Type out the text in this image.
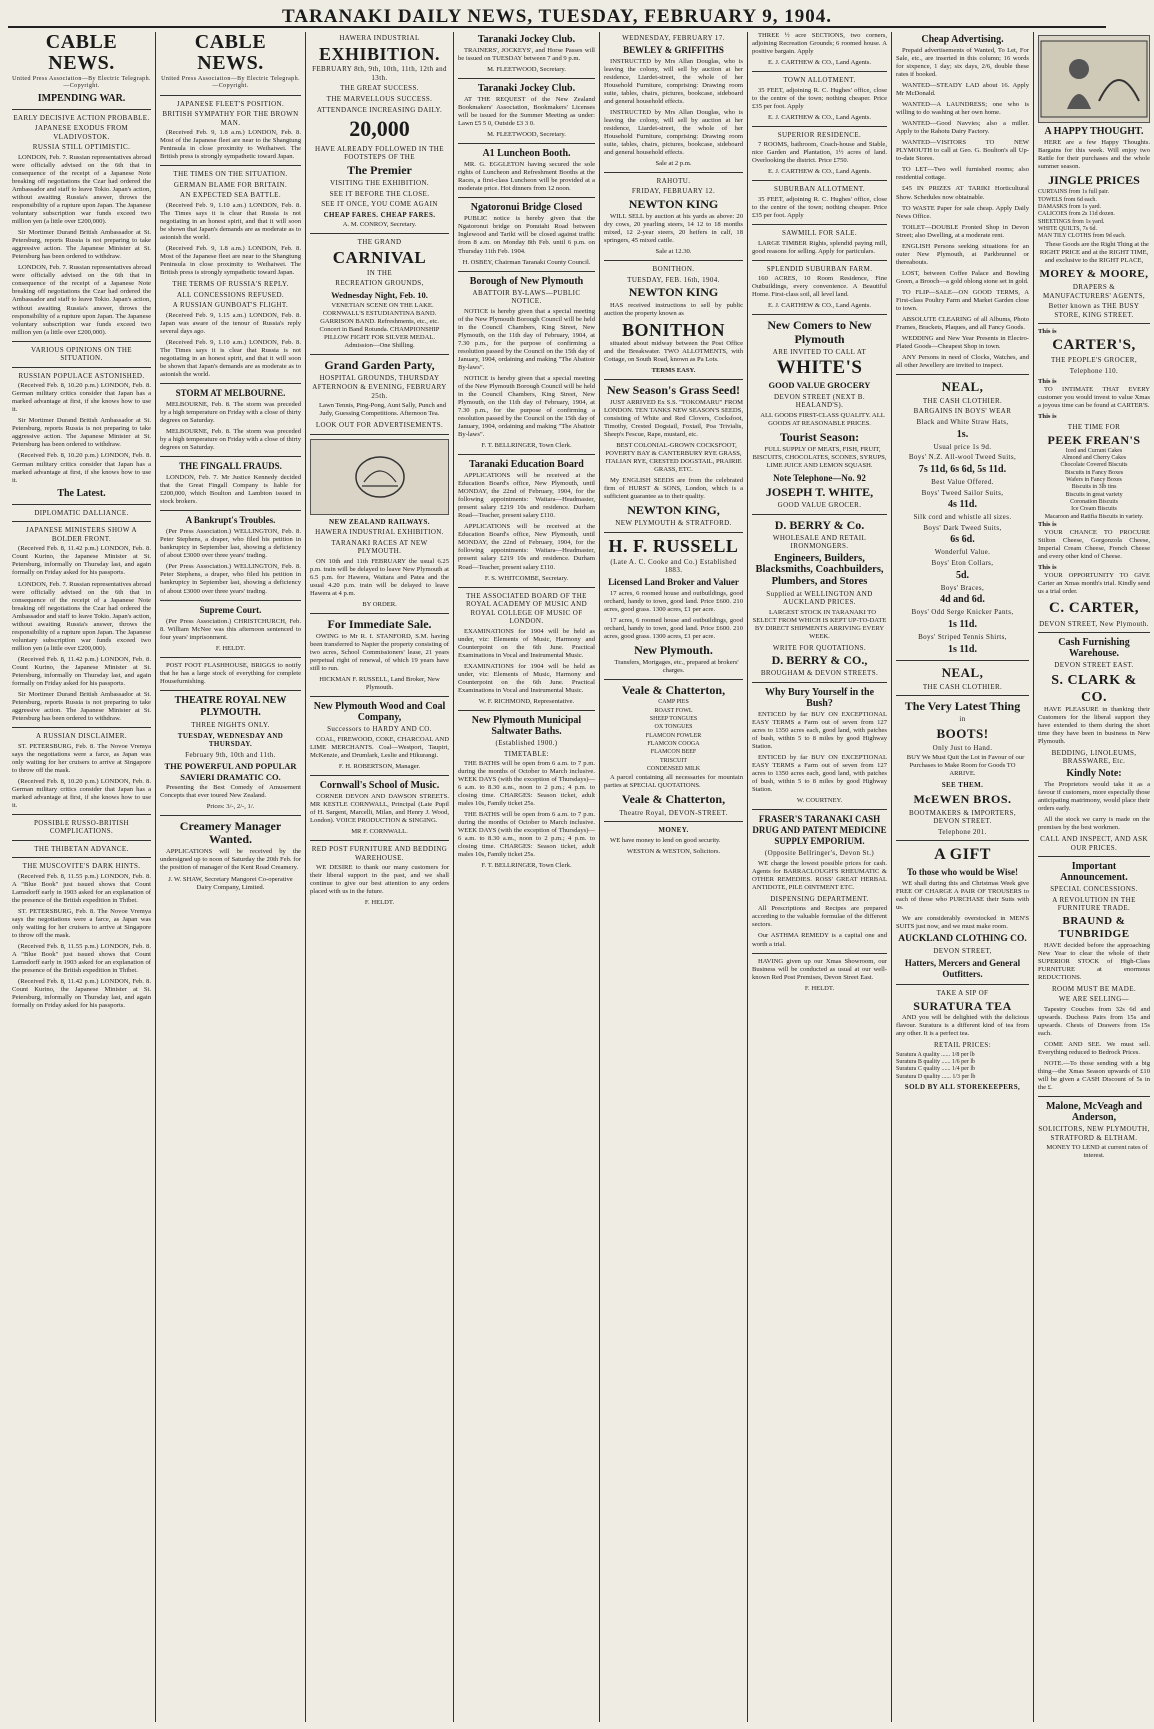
TARANAKI DAILY NEWS, TUESDAY, FEBRUARY 9, 1904.
CABLE NEWS.
United Press Association—By Electric Telegraph.—Copyright.
IMPENDING WAR.
EARLY DECISIVE ACTION PROBABLE.
JAPANESE EXODUS FROM VLADIVOSTOK.
RUSSIA STILL OPTIMISTIC.
LONDON, Feb. 7. Russian representatives abroad were officially advised on the 6th that in consequence of the receipt of a Japanese Note breaking off negotiations the Czar had ordered the Ambassador and staff to leave Tokio. Japan's action, without awaiting Russia's answer, throws the responsibility of a rupture upon Japan. The Japanese voluntary subscription war funds exceed two million yen (a little over £200,000).
Sir Mortimer Durand British Ambassador at St. Petersburg, reports Russia is not preparing to take aggressive action. The Japanese Minister at St. Petersburg has been ordered to withdraw.
LONDON, Feb. 7. Russian representatives abroad were officially advised on the 6th that in consequence of the receipt of a Japanese Note breaking off negotiations the Czar had ordered the Ambassador and staff to leave Tokio. Japan's action, without awaiting Russia's answer, throws the responsibility of a rupture upon Japan. The Japanese voluntary subscription war funds exceed two million yen (a little over £200,000).
VARIOUS OPINIONS ON THE SITUATION.
RUSSIAN POPULACE ASTONISHED.
(Received Feb. 8, 10.20 p.m.) LONDON, Feb. 8. German military critics consider that Japan has a marked advantage at first, if she knows how to use it.
Sir Mortimer Durand British Ambassador at St. Petersburg, reports Russia is not preparing to take aggressive action. The Japanese Minister at St. Petersburg has been ordered to withdraw.
(Received Feb. 8, 10.20 p.m.) LONDON, Feb. 8. German military critics consider that Japan has a marked advantage at first, if she knows how to use it.
The Latest.
DIPLOMATIC DALLIANCE.
JAPANESE MINISTERS SHOW A BOLDER FRONT.
(Received Feb. 8, 11.42 p.m.) LONDON, Feb. 8. Count Kurino, the Japanese Minister at St. Petersburg, informally on Thursday last, and again formally on Friday asked for his passports.
LONDON, Feb. 7. Russian representatives abroad were officially advised on the 6th that in consequence of the receipt of a Japanese Note breaking off negotiations the Czar had ordered the Ambassador and staff to leave Tokio. Japan's action, without awaiting Russia's answer, throws the responsibility of a rupture upon Japan. The Japanese voluntary subscription war funds exceed two million yen (a little over £200,000).
(Received Feb. 8, 11.42 p.m.) LONDON, Feb. 8. Count Kurino, the Japanese Minister at St. Petersburg, informally on Thursday last, and again formally on Friday asked for his passports.
Sir Mortimer Durand British Ambassador at St. Petersburg, reports Russia is not preparing to take aggressive action. The Japanese Minister at St. Petersburg has been ordered to withdraw.
A RUSSIAN DISCLAIMER.
ST. PETERSBURG, Feb. 8. The Novoe Vremya says the negotiations were a farce, as Japan was only waiting for her cruisers to arrive at Singapore to throw off the mask.
(Received Feb. 8, 10.20 p.m.) LONDON, Feb. 8. German military critics consider that Japan has a marked advantage at first, if she knows how to use it.
POSSIBLE RUSSO-BRITISH COMPLICATIONS.
THE THIBETAN ADVANCE.
THE MUSCOVITE'S DARK HINTS.
(Received Feb. 8, 11.55 p.m.) LONDON, Feb. 8. A "Blue Book" just issued shows that Count Lamsdorff early in 1903 asked for an explanation of the presence of the British expedition in Thibet.
ST. PETERSBURG, Feb. 8. The Novoe Vremya says the negotiations were a farce, as Japan was only waiting for her cruisers to arrive at Singapore to throw off the mask.
(Received Feb. 8, 11.55 p.m.) LONDON, Feb. 8. A "Blue Book" just issued shows that Count Lamsdorff early in 1903 asked for an explanation of the presence of the British expedition in Thibet.
(Received Feb. 8, 11.42 p.m.) LONDON, Feb. 8. Count Kurino, the Japanese Minister at St. Petersburg, informally on Thursday last, and again formally on Friday asked for his passports.
CABLE NEWS.
United Press Association—By Electric Telegraph.—Copyright.
JAPANESE FLEET'S POSITION.
BRITISH SYMPATHY FOR THE BROWN MAN.
(Received Feb. 9, 1.8 a.m.) LONDON, Feb. 8. Most of the Japanese fleet are near to the Shangtung Peninsula in close proximity to Weihaiwei. The British press is strongly sympathetic toward Japan.
THE TIMES ON THE SITUATION.
GERMAN BLAME FOR BRITAIN.
AN EXPECTED SEA BATTLE.
(Received Feb. 9, 1.10 a.m.) LONDON, Feb. 8. The Times says it is clear that Russia is not negotiating in an honest spirit, and that it will soon be shown that Japan's demands are as moderate as to astonish the world.
(Received Feb. 9, 1.8 a.m.) LONDON, Feb. 8. Most of the Japanese fleet are near to the Shangtung Peninsula in close proximity to Weihaiwei. The British press is strongly sympathetic toward Japan.
THE TERMS OF RUSSIA'S REPLY.
ALL CONCESSIONS REFUSED.
A RUSSIAN GUNBOAT'S FLIGHT.
(Received Feb. 9, 1.15 a.m.) LONDON, Feb. 8. Japan was aware of the tenour of Russia's reply several days ago.
(Received Feb. 9, 1.10 a.m.) LONDON, Feb. 8. The Times says it is clear that Russia is not negotiating in an honest spirit, and that it will soon be shown that Japan's demands are as moderate as to astonish the world.
STORM AT MELBOURNE.
MELBOURNE, Feb. 8. The storm was preceded by a high temperature on Friday with a close of thirty degrees on Saturday.
MELBOURNE, Feb. 8. The storm was preceded by a high temperature on Friday with a close of thirty degrees on Saturday.
THE FINGALL FRAUDS.
LONDON, Feb. 7. Mr Justice Kennedy decided that the Great Fingall Company is liable for £200,000, which Boulton and Lambton issued in stock brokers.
A Bankrupt's Troubles.
(Per Press Association.) WELLINGTON, Feb. 8. Peter Stephens, a draper, who filed his petition in bankruptcy in September last, showing a deficiency of about £3000 over three years' trading.
(Per Press Association.) WELLINGTON, Feb. 8. Peter Stephens, a draper, who filed his petition in bankruptcy in September last, showing a deficiency of about £3000 over three years' trading.
Supreme Court.
(Per Press Association.) CHRISTCHURCH, Feb. 8. William McNee was this afternoon sentenced to four years' imprisonment.
F. HELDT.
POST FOOT FLASHHOUSE, BRIGGS to notify that he has a large stock of everything for complete Housefurnishing.
THEATRE ROYAL NEW PLYMOUTH.
THREE NIGHTS ONLY.
TUESDAY, WEDNESDAY AND THURSDAY.
February 9th, 10th and 11th.
THE POWERFUL AND POPULAR SAVIERI DRAMATIC CO.
Presenting the Best Comedy of Amusement Concepts that ever toured New Zealand.
Prices: 3/-, 2/-, 1/.
Creamery Manager Wanted.
APPLICATIONS will be received by the undersigned up to noon of Saturday the 20th Feb. for the position of manager of the Kent Road Creamery.
J. W. SHAW, Secretary Mangorei Co-operative Dairy Company, Limited.
HAWERA INDUSTRIAL
EXHIBITION.
FEBRUARY 8th, 9th, 10th, 11th, 12th and 13th.
THE GREAT SUCCESS.
THE MARVELLOUS SUCCESS.
ATTENDANCE INCREASING DAILY.
20,000
HAVE ALREADY FOLLOWED IN THE FOOTSTEPS OF THE
The Premier
VISITING THE EXHIBITION.
SEE IT BEFORE THE CLOSE.
SEE IT ONCE, YOU COME AGAIN
CHEAP FARES. CHEAP FARES.
A. M. CONROY, Secretary.
THE GRAND
CARNIVAL
IN THE
RECREATION GROUNDS,
Wednesday Night, Feb. 10.
VENETIAN SCENE ON THE LAKE. CORNWALL'S ESTUDIANTINA BAND. GARRISON BAND. Refreshments, etc., etc. Concert in Band Rotunda. CHAMPIONSHIP PILLOW FIGHT FOR SILVER MEDAL. Admission—One Shilling.
Grand Garden Party,
HOSPITAL GROUNDS, THURSDAY AFTERNOON & EVENING, FEBRUARY 25th.
Lawn Tennis, Ping-Pong, Aunt Sally, Punch and Judy, Guessing Competitions. Afternoon Tea.
LOOK OUT FOR ADVERTISEMENTS.
NEW ZEALAND RAILWAYS.
HAWERA INDUSTRIAL EXHIBITION.
TARANAKI RACES AT NEW PLYMOUTH.
ON 10th and 11th FEBRUARY the usual 6.25 p.m. train will be delayed to leave New Plymouth at 6.5 p.m. for Hawera, Waitara and Patea and the usual 4.20 p.m. train will be delayed to leave Hawera at 4 p.m.
BY ORDER.
For Immediate Sale.
OWING to Mr R. I. STANFORD, S.M. having been transferred to Napier the property consisting of two acres, School Commissioners' lease, 21 years perpetual right of renewal, of which 19 years have still to run.
HICKMAN F. RUSSELL, Land Broker, New Plymouth.
New Plymouth Wood and Coal Company,
Successors to HARDY AND CO.
COAL, FIREWOOD, COKE, CHARCOAL AND LIME MERCHANTS. Coal—Westport, Taupiri, McKenzie, and Drumlark, Leslie and Hikurangi.
F. H. ROBERTSON, Manager.
Cornwall's School of Music.
CORNER DEVON AND DAWSON STREETS. MR KESTLE CORNWALL, Principal (Late Pupil of H. Sargent, Marcelli, Milan, and Henry J. Wood, London). VOICE PRODUCTION & SINGING.
MR F. CORNWALL.
RED POST FURNITURE AND BEDDING WAREHOUSE.
WE DESIRE to thank our many customers for their liberal support in the past, and we shall continue to give our best attention to any orders placed with us in the future.
F. HELDT.
Taranaki Jockey Club.
TRAINERS', JOCKEYS', and Horse Passes will be issued on TUESDAY between 7 and 9 p.m.
M. FLEETWOOD, Secretary.
Taranaki Jockey Club.
AT THE REQUEST of the New Zealand Bookmakers' Association, Bookmakers' Licenses will be issued for the Summer Meeting as under: Lawn £5 5 0, Outside £3 3 0.
M. FLEETWOOD, Secretary.
A1 Luncheon Booth.
MR. G. EGGLETON having secured the sole rights of Luncheon and Refreshment Booths at the Races, a first-class Luncheon will be provided at a moderate price. Hot dinners from 12 noon.
Ngatoronui Bridge Closed
PUBLIC notice is hereby given that the Ngatoronui bridge on Ponutahi Road between Inglewood and Tariki will be closed against traffic from 8 a.m. on Monday 8th Feb. until 6 p.m. on Thursday 11th Feb. 1904.
H. OSBEY, Chairman Taranaki County Council.
Borough of New Plymouth
ABATTOIR BY-LAWS—PUBLIC NOTICE.
NOTICE is hereby given that a special meeting of the New Plymouth Borough Council will be held in the Council Chambers, King Street, New Plymouth, on the 11th day of February, 1904, at 7.30 p.m., for the purpose of confirming a resolution passed by the Council on the 15th day of January, 1904, ordaining and making "The Abattoir By-laws".
NOTICE is hereby given that a special meeting of the New Plymouth Borough Council will be held in the Council Chambers, King Street, New Plymouth, on the 11th day of February, 1904, at 7.30 p.m., for the purpose of confirming a resolution passed by the Council on the 15th day of January, 1904, ordaining and making "The Abattoir By-laws".
F. T. BELLRINGER, Town Clerk.
Taranaki Education Board
APPLICATIONS will be received at the Education Board's office, New Plymouth, until MONDAY, the 22nd of February, 1904, for the following appointments: Waitara—Headmaster, present salary £219 10s and residence. Durham Road—Teacher, present salary £110.
APPLICATIONS will be received at the Education Board's office, New Plymouth, until MONDAY, the 22nd of February, 1904, for the following appointments: Waitara—Headmaster, present salary £219 10s and residence. Durham Road—Teacher, present salary £110.
F. S. WHITCOMBE, Secretary.
THE ASSOCIATED BOARD OF THE ROYAL ACADEMY OF MUSIC AND ROYAL COLLEGE OF MUSIC OF LONDON.
EXAMINATIONS for 1904 will be held as under, viz: Elements of Music, Harmony and Counterpoint on the 6th June. Practical Examinations in Vocal and Instrumental Music.
EXAMINATIONS for 1904 will be held as under, viz: Elements of Music, Harmony and Counterpoint on the 6th June. Practical Examinations in Vocal and Instrumental Music.
W. F. RICHMOND, Representative.
New Plymouth Municipal Saltwater Baths.
(Established 1900.)
TIMETABLE:
THE BATHS will be open from 6 a.m. to 7 p.m. during the months of October to March inclusive. WEEK DAYS (with the exception of Thursdays)—6 a.m. to 8.30 a.m., noon to 2 p.m.; 4 p.m. to closing time. CHARGES: Season ticket, adult males 10s, Family ticket 25s.
THE BATHS will be open from 6 a.m. to 7 p.m. during the months of October to March inclusive. WEEK DAYS (with the exception of Thursdays)—6 a.m. to 8.30 a.m., noon to 2 p.m.; 4 p.m. to closing time. CHARGES: Season ticket, adult males 10s, Family ticket 25s.
F. T. BELLRINGER, Town Clerk.
WEDNESDAY, FEBRUARY 17.
BEWLEY & GRIFFITHS
INSTRUCTED by Mrs Allan Douglas, who is leaving the colony, will sell by auction at her residence, Liardet-street, the whole of her Household Furniture, comprising: Drawing room suite, tables, chairs, pictures, bookcase, sideboard and general household effects.
INSTRUCTED by Mrs Allan Douglas, who is leaving the colony, will sell by auction at her residence, Liardet-street, the whole of her Household Furniture, comprising: Drawing room suite, tables, chairs, pictures, bookcase, sideboard and general household effects.
Sale at 2 p.m.
RAHOTU.
FRIDAY, FEBRUARY 12.
NEWTON KING
WILL SELL by auction at his yards as above: 20 dry cows, 20 yearling steers, 14 12 to 18 months mixed, 12 2-year steers, 20 heifers in calf, 18 springers, 45 mixed cattle.
Sale at 12.30.
BONITHON.
TUESDAY, FEB. 16th, 1904.
NEWTON KING
HAS received instructions to sell by public auction the property known as
BONITHON
situated about midway between the Post Office and the Breakwater. TWO ALLOTMENTS, with Cottage, on South Road, known as Pa Lots.
TERMS EASY.
New Season's Grass Seed!
JUST ARRIVED Ex S.S. "TOKOMARU" FROM LONDON. TEN TANKS NEW SEASON'S SEEDS, consisting of White and Red Clovers, Cocksfoot, Timothy, Crested Dogstail, Foxtail, Poa Trivialis, Sheep's Fescue, Rape, mustard, etc.
BEST COLONIAL-GROWN COCKSFOOT, POVERTY BAY & CANTERBURY RYE GRASS, ITALIAN RYE, CRESTED DOGSTAIL, PRAIRIE GRASS, ETC.
My ENGLISH SEEDS are from the celebrated firm of HURST & SONS, London, which is a sufficient guarantee as to their quality.
NEWTON KING,
NEW PLYMOUTH & STRATFORD.
H. F. RUSSELL
(Late A. C. Cooke and Co.) Established 1883.
Licensed Land Broker and Valuer
17 acres, 6 roomed house and outbuildings, good orchard, handy to town, good land. Price £600. 210 acres, good grass. 1300 acres, £1 per acre.
17 acres, 6 roomed house and outbuildings, good orchard, handy to town, good land. Price £600. 210 acres, good grass. 1300 acres, £1 per acre.
New Plymouth.
Transfers, Mortgages, etc., prepared at brokers' charges.
Veale & Chatterton,
CAMP PIES
ROAST FOWL
SHEEP TONGUES
OX TONGUES
FLAMCON FOWLER
FLAMCON COOGA
FLAMCON BEEF
TRISCUIT
CONDENSED MILK
A parcel containing all necessaries for mountain parties at SPECIAL QUOTATIONS.
Veale & Chatterton,
Theatre Royal, DEVON-STREET.
MONEY.
WE have money to lend on good security.
WESTON & WESTON, Solicitors.
THREE ½ acre SECTIONS, two corners, adjoining Recreation Grounds; 6 roomed house. A positive bargain. Apply
E. J. CARTHEW & CO., Land Agents.
TOWN ALLOTMENT.
35 FEET, adjoining R. C. Hughes' office, close to the centre of the town; nothing cheaper. Price £35 per foot. Apply
E. J. CARTHEW & CO., Land Agents.
SUPERIOR RESIDENCE.
7 ROOMS, bathroom, Coach-house and Stable, nice Garden and Plantation, 1½ acres of land. Overlooking the district. Price £750.
E. J. CARTHEW & CO., Land Agents.
SUBURBAN ALLOTMENT.
35 FEET, adjoining R. C. Hughes' office, close to the centre of the town; nothing cheaper. Price £35 per foot. Apply
SAWMILL FOR SALE.
LARGE TIMBER Rights, splendid paying mill, good reasons for selling. Apply for particulars.
SPLENDID SUBURBAN FARM.
160 ACRES, 10 Room Residence, Fine Outbuildings, every convenience. A Beautiful Home. First-class soil, all level land.
E. J. CARTHEW & CO., Land Agents.
New Comers to New Plymouth
ARE INVITED TO CALL AT
WHITE'S
GOOD VALUE GROCERY
DEVON STREET (NEXT B. HEALAND'S).
ALL GOODS FIRST-CLASS QUALITY. ALL GOODS AT REASONABLE PRICES.
Tourist Season:
FULL SUPPLY OF MEATS, FISH, FRUIT, BISCUITS, CHOCOLATES, SCONES, SYRUPS, LIME JUICE AND LEMON SQUASH.
Note Telephone—No. 92
JOSEPH T. WHITE,
GOOD VALUE GROCER.
D. BERRY & Co.
WHOLESALE AND RETAIL IRONMONGERS.
Engineers, Builders, Blacksmiths, Coachbuilders, Plumbers, and Stores
Supplied at WELLINGTON AND AUCKLAND PRICES.
LARGEST STOCK IN TARANAKI TO SELECT FROM WHICH IS KEPT UP-TO-DATE BY DIRECT SHIPMENTS ARRIVING EVERY WEEK.
WRITE FOR QUOTATIONS.
D. BERRY & CO.,
BROUGHAM & DEVON STREETS.
Why Bury Yourself in the Bush?
ENTICED by far BUY ON EXCEPTIONAL EASY TERMS a Farm out of seven from 127 acres to 1350 acres each, good land, with patches of bush, within 5 to 8 miles by good Highway Station.
ENTICED by far BUY ON EXCEPTIONAL EASY TERMS a Farm out of seven from 127 acres to 1350 acres each, good land, with patches of bush, within 5 to 8 miles by good Highway Station.
W. COURTNEY.
FRASER'S TARANAKI CASH DRUG AND PATENT MEDICINE SUPPLY EMPORIUM.
(Opposite Bellringer's, Devon St.)
WE charge the lowest possible prices for cash. Agents for BARRACLOUGH'S RHEUMATIC & OTHER REMEDIES. ROSS' GREAT HERBAL ANTIDOTE, PILE OINTMENT ETC.
DISPENSING DEPARTMENT.
All Prescriptions and Recipes are prepared according to the valuable formulae of the different sectors.
Our ASTHMA REMEDY is a capital one and worth a trial.
HAVING given up our Xmas Showroom, our Business will be conducted as usual at our well-known Red Post Premises, Devon Street East.
F. HELDT.
Cheap Advertising.
Prepaid advertisements of Wanted, To Let, For Sale, etc., are inserted in this column; 16 words for sixpence, 1 day; six days, 2/6, double these rates if booked.
WANTED—STEADY LAD about 16. Apply Mr McDonald.
WANTED—A LAUNDRESS; one who is willing to do washing at her own home.
WANTED—Good Navvies; also a miller. Apply to the Rahotu Dairy Factory.
WANTED—VISITORS TO NEW PLYMOUTH to call at Geo. G. Boulton's all Up-to-date Stores.
TO LET—Two well furnished rooms; also residential cottage.
£45 IN PRIZES AT TARIKI Horticultural Show. Schedules now obtainable.
TO WASTE Paper for sale cheap. Apply Daily News Office.
TOILET—DOUBLE Fronted Shop in Devon Street; also Dwelling, at a moderate rent.
ENGLISH Persons seeking situations for an outer New Plymouth, at Parkbrunnel or thereabouts.
LOST, between Coffee Palace and Bowling Green, a Brooch—a gold oblong stone set in gold.
TO FLIP—SALE—ON GOOD TERMS, A First-class Poultry Farm and Market Garden close to town.
ABSOLUTE CLEARING of all Albums, Photo Frames, Brackets, Plaques, and all Fancy Goods.
WEDDING and New Year Presents in Electro-Plated Goods—Cheapest Shop in town.
ANY Persons in need of Clocks, Watches, and all other Jewellery are invited to inspect.
NEAL,
THE CASH CLOTHIER.
BARGAINS IN BOYS' WEAR
Black and White Straw Hats,
1s.
Usual price 1s 9d.
Boys' N.Z. All-wool Tweed Suits,
7s 11d, 6s 6d, 5s 11d.
Best Value Offered.
Boys' Tweed Sailor Suits,
4s 11d.
Silk cord and whistle all sizes.
Boys' Dark Tweed Suits,
6s 6d.
Wonderful Value.
Boys' Eton Collars,
5d.
Boys' Braces,
4d and 6d.
Boys' Odd Serge Knicker Pants,
1s 11d.
Boys' Striped Tennis Shirts,
1s 11d.
NEAL,
THE CASH CLOTHIER.
The Very Latest Thing
in
BOOTS!
Only Just to Hand.
BUY We Must Quit the Lot in Favour of our Purchases to Make Room for Goods TO ARRIVE.
SEE THEM.
McEWEN BROS.
BOOTMAKERS & IMPORTERS, DEVON STREET.
Telephone 201.
A GIFT
To those who would be Wise!
WE shall during this and Christmas Week give FREE OF CHARGE A PAIR OF TROUSERS to each of those who PURCHASE their Suits with us.
We are considerably overstocked in MEN'S SUITS just now, and we must make room.
AUCKLAND CLOTHING CO.
DEVON STREET,
Hatters, Mercers and General Outfitters.
TAKE A SIP OF
SURATURA TEA
AND you will be delighted with the delicious flavour. Suratura is a different kind of tea from any other. It is a perfect tea.
RETAIL PRICES:
Suratura A quality ...... 1/8 per lb
Suratura B quality ...... 1/6 per lb
Suratura C quality ...... 1/4 per lb
Suratura D quality ...... 1/3 per lb
SOLD BY ALL STOREKEEPERS,
A HAPPY THOUGHT.
HERE are a few Happy Thoughts. Bargains for this week. Will enjoy two Rattle for their purchases and the whole summer season.
JINGLE PRICES
CURTAINS from 1s full pair.
TOWELS from 6d each.
DAMASKS from 1s yard.
CALICOES from 2s 11d dozen.
SHEETINGS from 1s yard.
WHITE QUILTS, 7s 6d.
MAN TILY CLOTHS from 9d each.
These Goods are the Right Thing at the RIGHT PRICE and at the RIGHT TIME, and exclusive to the RIGHT PLACE,
MOREY & MOORE,
DRAPERS & MANUFACTURERS' AGENTS,
Better known as THE BUSY STORE, KING STREET.
This is
CARTER'S,
THE PEOPLE'S GROCER,
Telephone 110.
This is
TO INTIMATE THAT EVERY customer you would invest to value Xmas a joyous time can be found at CARTER'S.
This is
THE TIME FOR
PEEK FREAN'S
Iced and Currant Cakes
Almond and Cherry Cakes
Chocolate Covered Biscuits
Biscuits in Fancy Boxes
Wafers in Fancy Boxes
Biscuits in 3lb tins
Biscuits in great variety
Coronation Biscuits
Ice Cream Biscuits
Macaroon and Ratifia Biscuits in variety.
This is
YOUR CHANCE TO PROCURE Stilton Cheese, Gorgonzola Cheese, Imperial Cream Cheese, French Cheese and every other kind of Cheese.
This is
YOUR OPPORTUNITY TO GIVE Carter an Xmas month's trial. Kindly send us a trial order.
C. CARTER,
DEVON STREET, New Plymouth.
Cash Furnishing Warehouse.
DEVON STREET EAST.
S. CLARK & CO.
HAVE PLEASURE in thanking their Customers for the liberal support they have extended to them during the short time they have been in business in New Plymouth.
BEDDING, LINOLEUMS, BRASSWARE, Etc.
Kindly Note:
The Proprietors would take it as a favour if customers, more especially those anticipating matrimony, would place their orders early.
All the stock we carry is made on the premises by the best workmen.
CALL AND INSPECT, AND ASK OUR PRICES.
Important Announcement.
SPECIAL CONCESSIONS.
A REVOLUTION IN THE FURNITURE TRADE.
BRAUND & TUNBRIDGE
HAVE decided before the approaching New Year to clear the whole of their SUPERIOR STOCK of High-Class FURNITURE at enormous REDUCTIONS.
ROOM MUST BE MADE.
WE ARE SELLING—
Tapestry Couches from 32s 6d and upwards. Duchess Pairs from 15s and upwards. Chests of Drawers from 15s each.
COME AND SEE. We must sell. Everything reduced to Bedrock Prices.
NOTE.—To those sending with a big thing—the Xmas Season upwards of £10 will be given a CASH Discount of 5s in the £.
Malone, McVeagh and Anderson,
SOLICITORS, NEW PLYMOUTH, STRATFORD & ELTHAM.
MONEY TO LEND at current rates of interest.
